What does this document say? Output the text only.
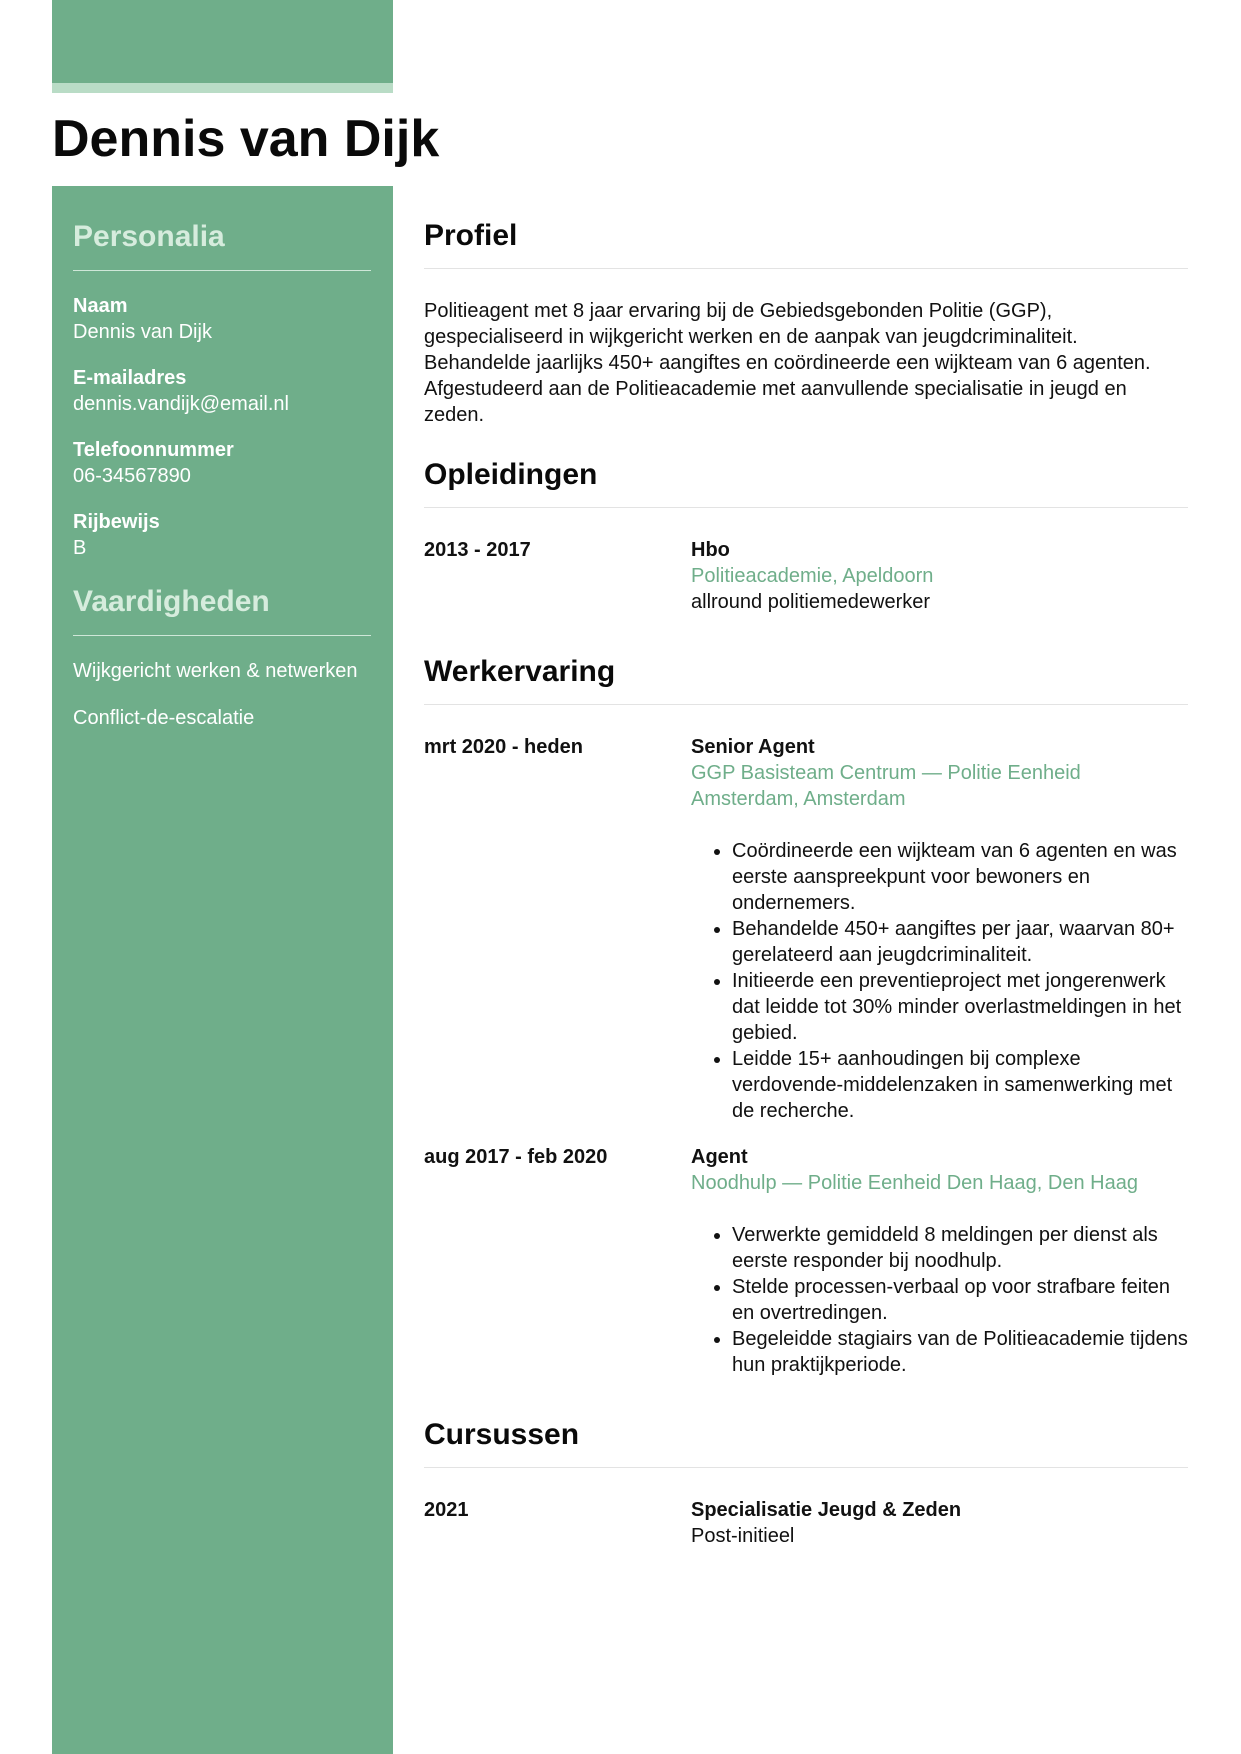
Dennis van Dijk
Personalia
Naam
Dennis van Dijk
E-mailadres
dennis.vandijk@email.nl
Telefoonnummer
06-34567890
Rijbewijs
B
Vaardigheden
Wijkgericht werken & netwerken
Conflict-de-escalatie
Profiel

Politieagent met 8 jaar ervaring bij de Gebiedsgebonden Politie (GGP), gespecialiseerd in wijkgericht werken en de aanpak van jeugdcriminaliteit. Behandelde jaarlijks 450+ aangiftes en coördineerde een wijkteam van 6 agenten. Afgestudeerd aan de Politieacademie met aanvullende specialisatie in jeugd en zeden.

Opleidingen
2013 - 2017	Hbo
Politieacademie, Apeldoorn
allround politiemedewerker
Werkervaring
mrt 2020 - heden	Senior Agent
GGP Basisteam Centrum — Politie Eenheid Amsterdam, Amsterdam
• Coördineerde een wijkteam van 6 agenten en was eerste aanspreekpunt voor bewoners en ondernemers.
• Behandelde 450+ aangiftes per jaar, waarvan 80+ gerelateerd aan jeugdcriminaliteit.
• Initieerde een preventieproject met jongerenwerk dat leidde tot 30% minder overlastmeldingen in het gebied.
• Leidde 15+ aanhoudingen bij complexe verdovende-middelenzaken in samenwerking met de recherche.
aug 2017 - feb 2020	Agent
Noodhulp — Politie Eenheid Den Haag, Den Haag
• Verwerkte gemiddeld 8 meldingen per dienst als eerste responder bij noodhulp.
• Stelde processen-verbaal op voor strafbare feiten en overtredingen.
• Begeleidde stagiairs van de Politieacademie tijdens hun praktijkperiode.
Cursussen
2021	Specialisatie Jeugd & Zeden
Post-initieel
